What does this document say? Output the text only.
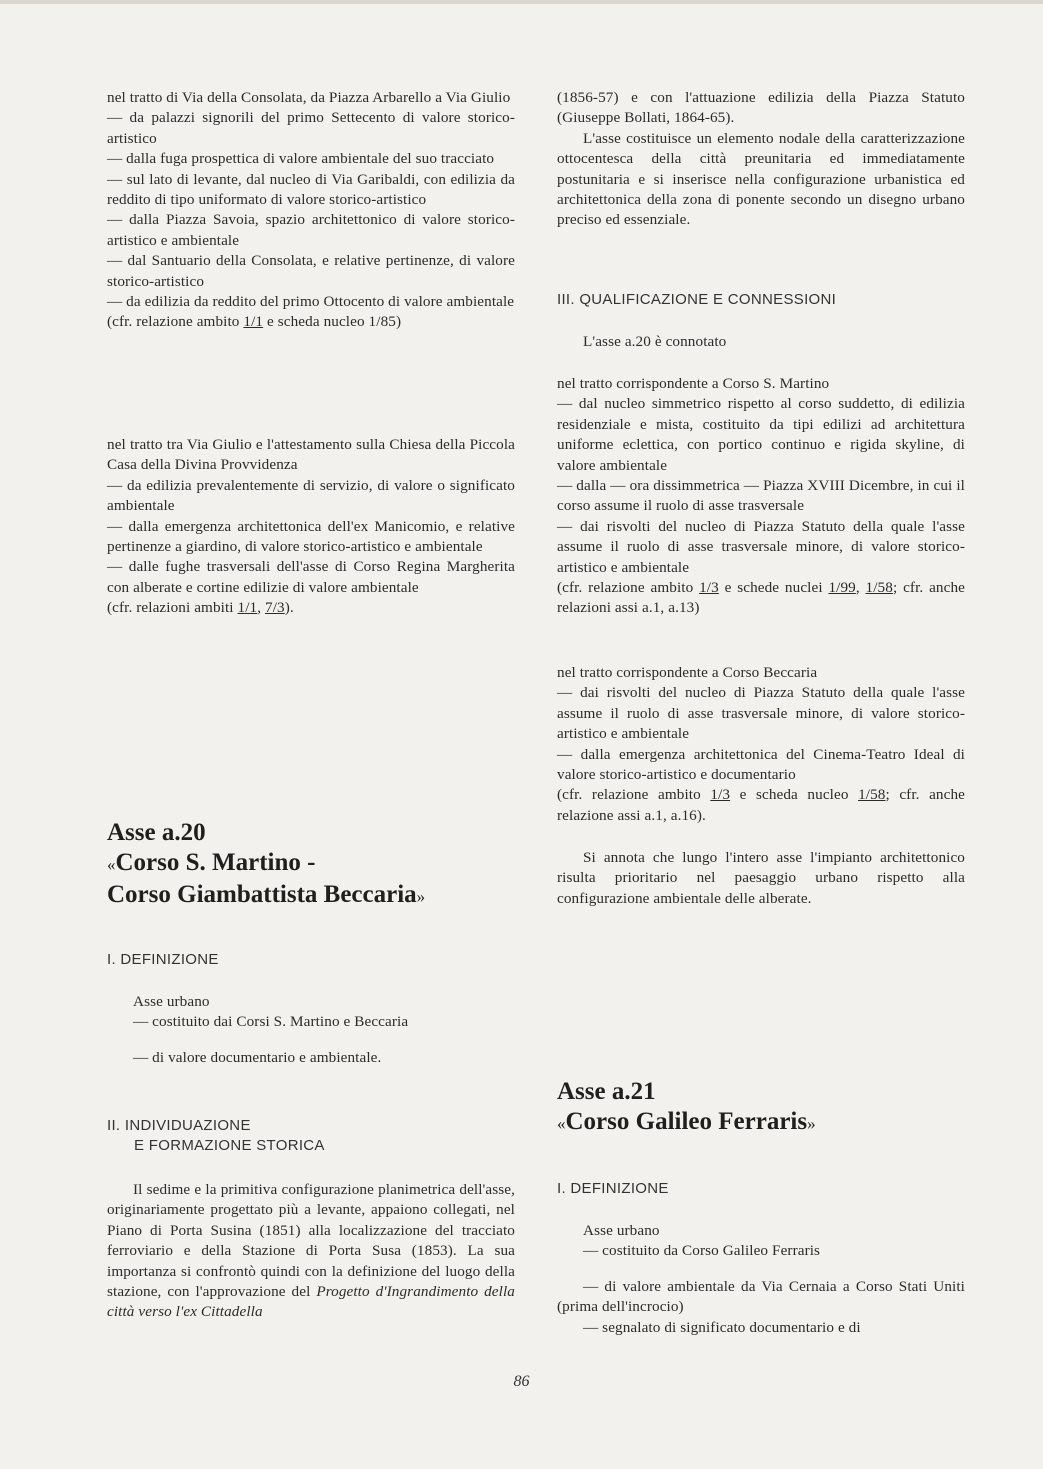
nel tratto di Via della Consolata, da Piazza Arbarello a Via Giulio

— da palazzi signorili del primo Settecento di valore storico-artistico

— dalla fuga prospettica di valore ambientale del suo tracciato

— sul lato di levante, dal nucleo di Via Garibaldi, con edilizia da reddito di tipo uniformato di valore storico-artistico

— dalla Piazza Savoia, spazio architettonico di valore storico-artistico e ambientale

— dal Santuario della Consolata, e relative pertinenze, di valore storico-artistico

— da edilizia da reddito del primo Ottocento di valore ambientale

(cfr. relazione ambito 1/1 e scheda nucleo 1/85)

nel tratto tra Via Giulio e l'attestamento sulla Chiesa della Piccola Casa della Divina Provvidenza

— da edilizia prevalentemente di servizio, di valore o significato ambientale

— dalla emergenza architettonica dell'ex Manicomio, e relative pertinenze a giardino, di valore storico-artistico e ambientale

— dalle fughe trasversali dell'asse di Corso Regina Margherita con alberate e cortine edilizie di valore ambientale

(cfr. relazioni ambiti 1/1, 7/3).

Asse a.20

«Corso S. Martino -

Corso Giambattista Beccaria»

I. DEFINIZIONE

Asse urbano

— costituito dai Corsi S. Martino e Beccaria

— di valore documentario e ambientale.

II. INDIVIDUAZIONE
E FORMAZIONE STORICA

Il sedime e la primitiva configurazione planimetrica dell'asse, originariamente progettato più a levante, appaiono collegati, nel Piano di Porta Susina (1851) alla localizzazione del tracciato ferroviario e della Stazione di Porta Susa (1853). La sua importanza si confrontò quindi con la definizione del luogo della stazione, con l'approvazione del Progetto d'Ingrandimento della città verso l'ex Cittadella

(1856-57) e con l'attuazione edilizia della Piazza Statuto (Giuseppe Bollati, 1864-65).

L'asse costituisce un elemento nodale della caratterizzazione ottocentesca della città preunitaria ed immediatamente postunitaria e si inserisce nella configurazione urbanistica ed architettonica della zona di ponente secondo un disegno urbano preciso ed essenziale.

III. QUALIFICAZIONE E CONNESSIONI

L'asse a.20 è connotato

nel tratto corrispondente a Corso S. Martino

— dal nucleo simmetrico rispetto al corso suddetto, di edilizia residenziale e mista, costituito da tipi edilizi ad architettura uniforme eclettica, con portico continuo e rigida skyline, di valore ambientale

— dalla — ora dissimmetrica — Piazza XVIII Dicembre, in cui il corso assume il ruolo di asse trasversale

— dai risvolti del nucleo di Piazza Statuto della quale l'asse assume il ruolo di asse trasversale minore, di valore storico-artistico e ambientale

(cfr. relazione ambito 1/3 e schede nuclei 1/99, 1/58; cfr. anche relazioni assi a.1, a.13)

nel tratto corrispondente a Corso Beccaria

— dai risvolti del nucleo di Piazza Statuto della quale l'asse assume il ruolo di asse trasversale minore, di valore storico-artistico e ambientale

— dalla emergenza architettonica del Cinema-Teatro Ideal di valore storico-artistico e documentario

(cfr. relazione ambito 1/3 e scheda nucleo 1/58; cfr. anche relazione assi a.1, a.16).

Si annota che lungo l'intero asse l'impianto architettonico risulta prioritario nel paesaggio urbano rispetto alla configurazione ambientale delle alberate.

Asse a.21

«Corso Galileo Ferraris»

I. DEFINIZIONE

Asse urbano

— costituito da Corso Galileo Ferraris

— di valore ambientale da Via Cernaia a Corso Stati Uniti (prima dell'incrocio)

— segnalato di significato documentario e di

86
